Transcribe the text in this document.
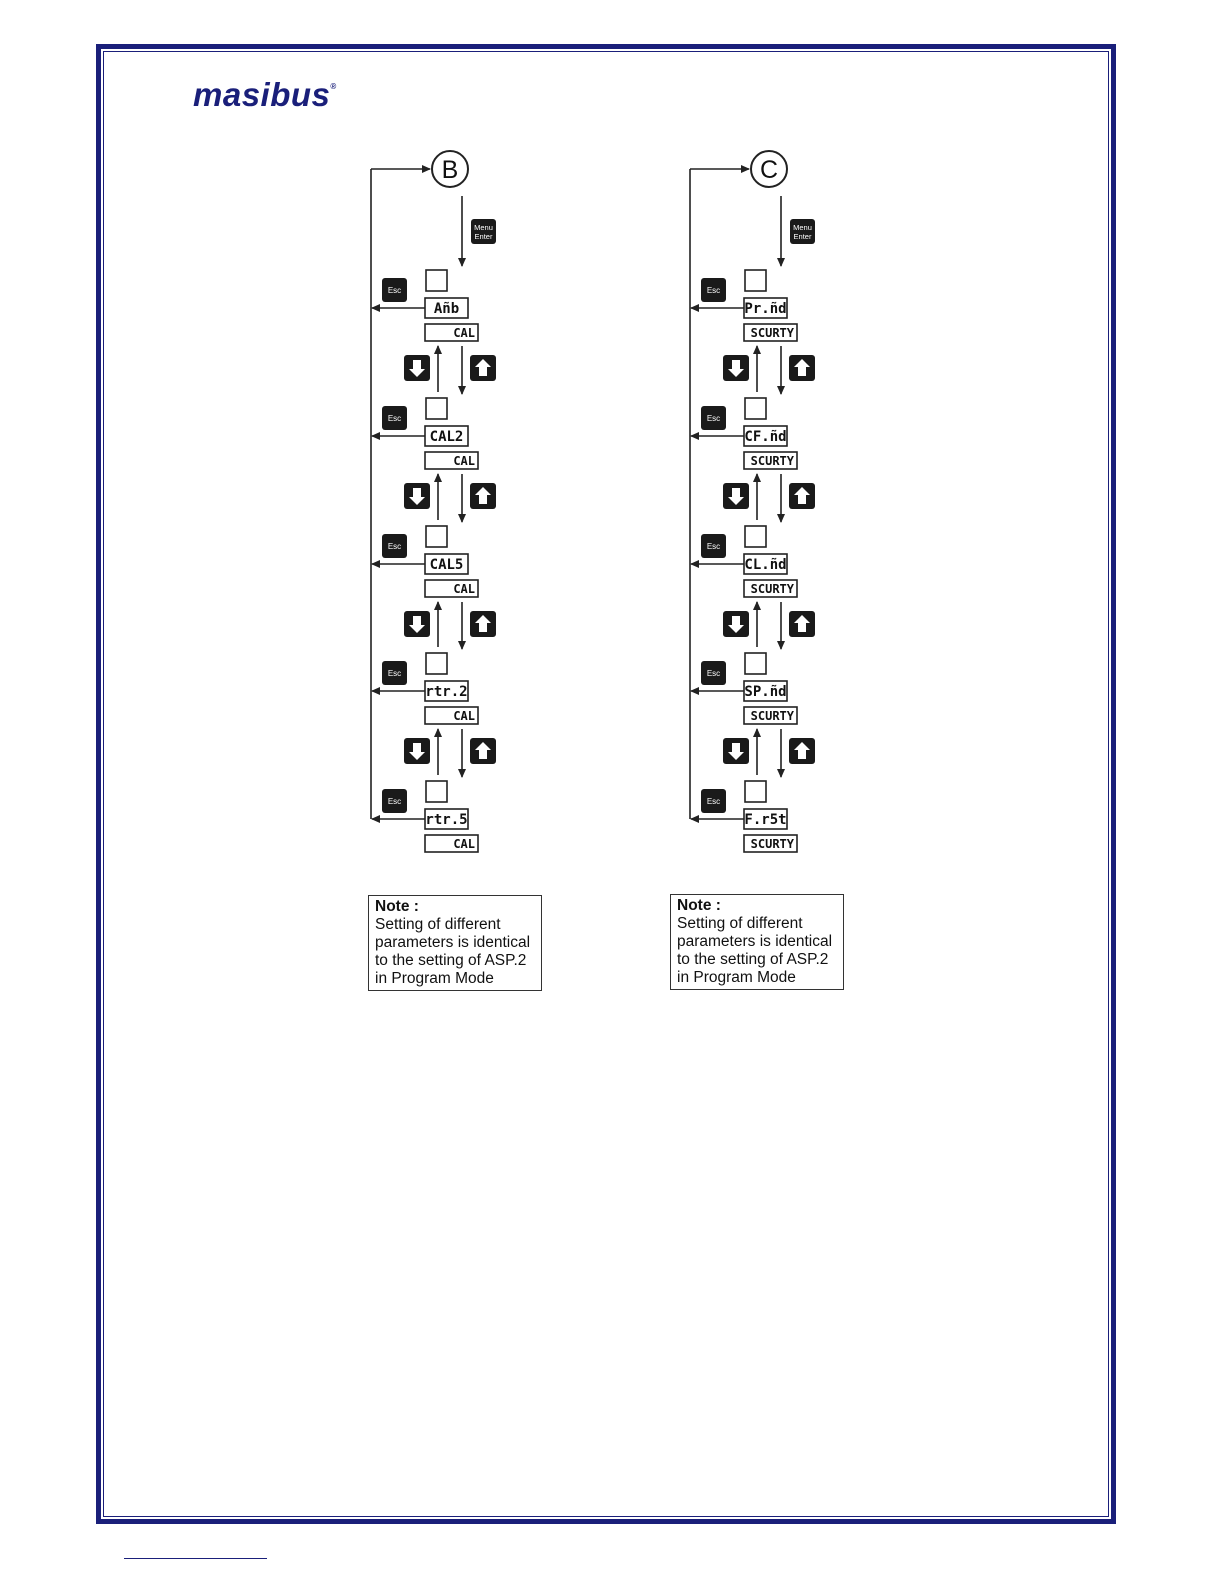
masibus®
B
Menu
Enter
Esc
Añb
CAL
Esc
CAL2
CAL
Esc
CAL5
CAL
Esc
rtr.2
CAL
Esc
rtr.5
CAL
C
Menu
Enter
Esc
Pr.ñd
SCURTY
Esc
CF.ñd
SCURTY
Esc
CL.ñd
SCURTY
Esc
SP.ñd
SCURTY
Esc
F.r5t
SCURTY
Note :
Setting of different
parameters is identical
to the setting of ASP.2
in Program Mode
Note :
Setting of different
parameters is identical
to the setting of ASP.2
in Program Mode
